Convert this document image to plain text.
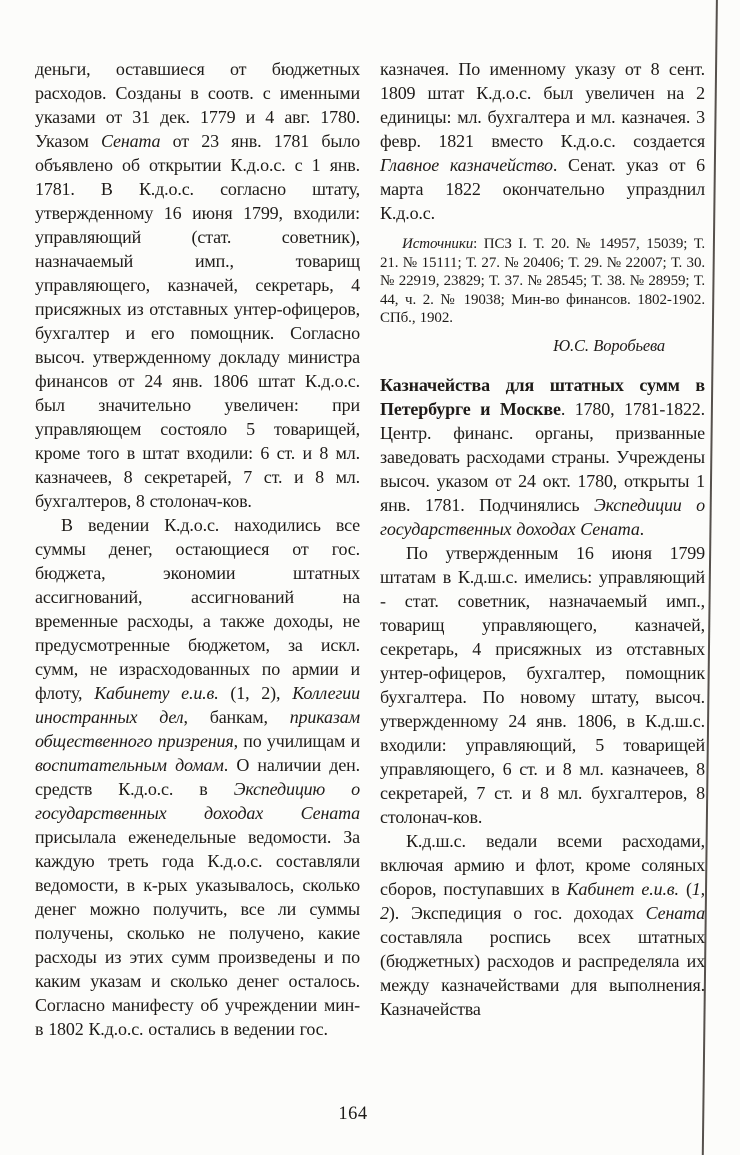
деньги, оставшиеся от бюджетных расходов. Созданы в соотв. с именными указами от 31 дек. 1779 и 4 авг. 1780. Указом Сената от 23 янв. 1781 было объявлено об открытии К.д.о.с. с 1 янв. 1781. В К.д.о.с. согласно штату, утвержденному 16 июня 1799, входили: управляющий (стат. советник), назначаемый имп., товарищ управляющего, казначей, секретарь, 4 присяжных из отставных унтер-офицеров, бухгалтер и его помощник. Согласно высоч. утвержденному докладу министра финансов от 24 янв. 1806 штат К.д.о.с. был значительно увеличен: при управляющем состояло 5 товарищей, кроме того в штат входили: 6 ст. и 8 мл. казначеев, 8 секретарей, 7 ст. и 8 мл. бухгалтеров, 8 столонач-ков.

В ведении К.д.о.с. находились все суммы денег, остающиеся от гос. бюджета, экономии штатных ассигнований, ассигнований на временные расходы, а также доходы, не предусмотренные бюджетом, за искл. сумм, не израсходованных по армии и флоту, Кабинету е.и.в. (1, 2), Коллегии иностранных дел, банкам, приказам общественного призрения, по училищам и воспитательным домам. О наличии ден. средств К.д.о.с. в Экспедицию о государственных доходах Сената присылала еженедельные ведомости. За каждую треть года К.д.о.с. составляли ведомости, в к-рых указывалось, сколько денег можно получить, все ли суммы получены, сколько не получено, какие расходы из этих сумм произведены и по каким указам и сколько денег осталось. Согласно манифесту об учреждении мин-в 1802 К.д.о.с. остались в ведении гос.

казначея. По именному указу от 8 сент. 1809 штат К.д.о.с. был увеличен на 2 единицы: мл. бухгалтера и мл. казначея. 3 февр. 1821 вместо К.д.о.с. создается Главное казначейство. Сенат. указ от 6 марта 1822 окончательно упразднил К.д.о.с.

Источники: ПСЗ I. Т. 20. № 14957, 15039; Т. 21. № 15111; Т. 27. № 20406; Т. 29. № 22007; Т. 30. № 22919, 23829; Т. 37. № 28545; Т. 38. № 28959; Т. 44, ч. 2. № 19038; Мин-во финансов. 1802-1902. СПб., 1902.

Ю.С. Воробьева

Казначейства для штатных сумм в Петербурге и Москве. 1780, 1781-1822. Центр. финанс. органы, призванные заведовать расходами страны. Учреждены высоч. указом от 24 окт. 1780, открыты 1 янв. 1781. Подчинялись Экспедиции о государственных доходах Сената.

По утвержденным 16 июня 1799 штатам в К.д.ш.с. имелись: управляющий - стат. советник, назначаемый имп., товарищ управляющего, казначей, секретарь, 4 присяжных из отставных унтер-офицеров, бухгалтер, помощник бухгалтера. По новому штату, высоч. утвержденному 24 янв. 1806, в К.д.ш.с. входили: управляющий, 5 товарищей управляющего, 6 ст. и 8 мл. казначеев, 8 секретарей, 7 ст. и 8 мл. бухгалтеров, 8 столонач-ков.

К.д.ш.с. ведали всеми расходами, включая армию и флот, кроме соляных сборов, поступавших в Кабинет е.и.в. (1, 2). Экспедиция о гос. доходах Сената составляла роспись всех штатных (бюджетных) расходов и распределяла их между казначействами для выполнения. Казначейства

164
